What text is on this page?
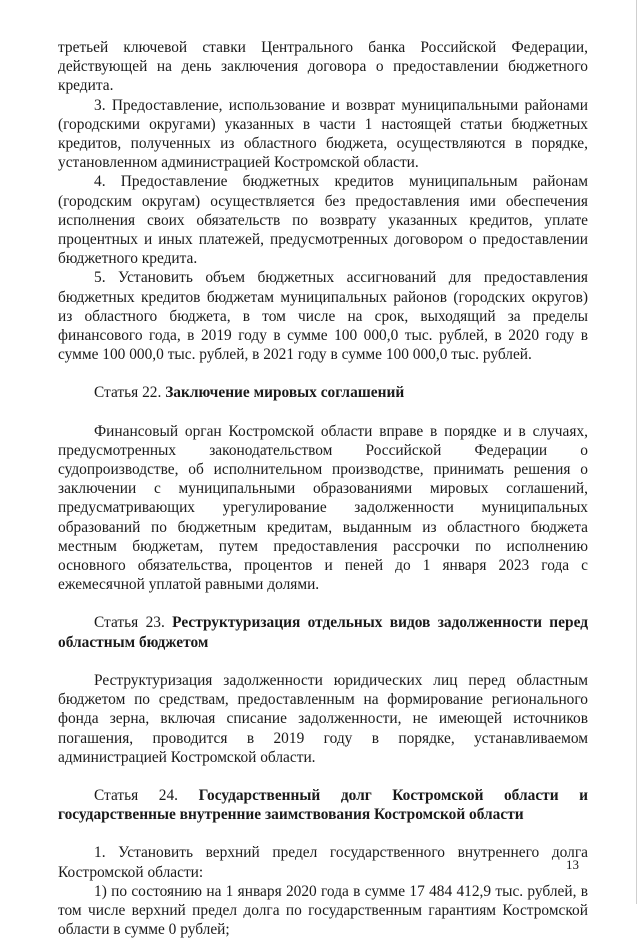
третьей ключевой ставки Центрального банка Российской Федерации, действующей на день заключения договора о предоставлении бюджетного кредита.

3. Предоставление, использование и возврат муниципальными районами (городскими округами) указанных в части 1 настоящей статьи бюджетных кредитов, полученных из областного бюджета, осуществляются в порядке, установленном администрацией Костромской области.

4. Предоставление бюджетных кредитов муниципальным районам (городским округам) осуществляется без предоставления ими обеспечения исполнения своих обязательств по возврату указанных кредитов, уплате процентных и иных платежей, предусмотренных договором о предоставлении бюджетного кредита.

5. Установить объем бюджетных ассигнований для предоставления бюджетных кредитов бюджетам муниципальных районов (городских округов) из областного бюджета, в том числе на срок, выходящий за пределы финансового года, в 2019 году в сумме 100 000,0 тыс. рублей, в 2020 году в сумме 100 000,0 тыс. рублей, в 2021 году в сумме 100 000,0 тыс. рублей.

Статья 22. Заключение мировых соглашений

Финансовый орган Костромской области вправе в порядке и в случаях, предусмотренных законодательством Российской Федерации о судопроизводстве, об исполнительном производстве, принимать решения о заключении с муниципальными образованиями мировых соглашений, предусматривающих урегулирование задолженности муниципальных образований по бюджетным кредитам, выданным из областного бюджета местным бюджетам, путем предоставления рассрочки по исполнению основного обязательства, процентов и пеней до 1 января 2023 года с ежемесячной уплатой равными долями.

Статья 23. Реструктуризация отдельных видов задолженности перед областным бюджетом

Реструктуризация задолженности юридических лиц перед областным бюджетом по средствам, предоставленным на формирование регионального фонда зерна, включая списание задолженности, не имеющей источников погашения, проводится в 2019 году в порядке, устанавливаемом администрацией Костромской области.

Статья 24. Государственный долг Костромской области и государственные внутренние заимствования Костромской области

1. Установить верхний предел государственного внутреннего долга Костромской области:

1) по состоянию на 1 января 2020 года в сумме 17 484 412,9 тыс. рублей, в том числе верхний предел долга по государственным гарантиям Костромской области в сумме 0 рублей;

13
